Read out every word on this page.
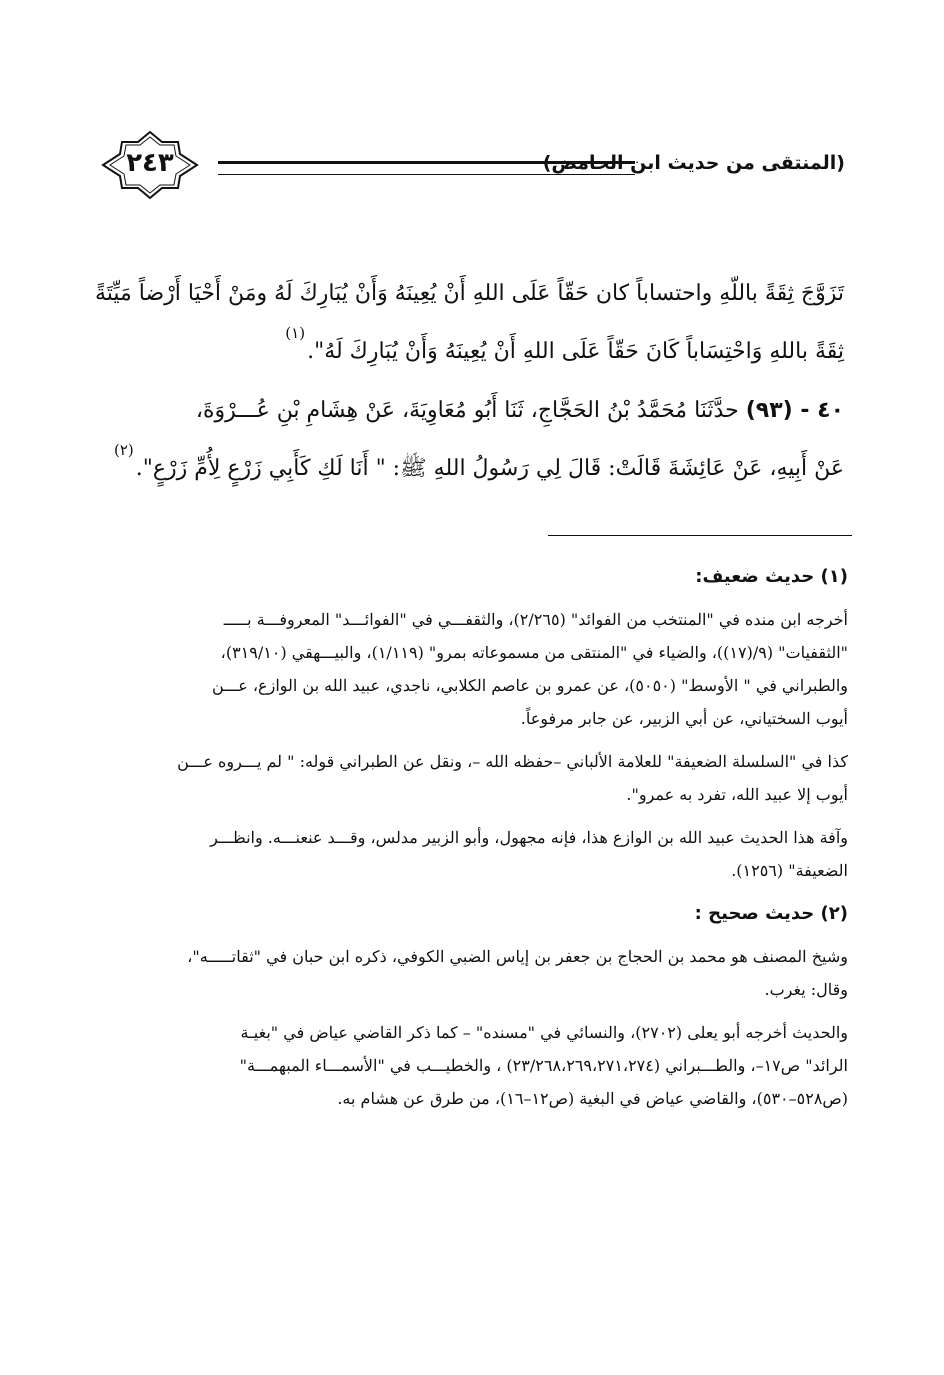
٢٤٣	(المنتقى من حديث ابن الحامض)
تَزَوَّجَ ثِقَةً باللّهِ واحتساباً كان حَقّاً عَلَى اللهِ أَنْ يُعِينَهُ وَأَنْ يُبَارِكَ لَهُ ومَنْ أَحْيَا أَرْضاً مَيِّتَةً
ثِقَةً باللهِ وَاحْتِسَاباً كَانَ حَقّاً عَلَى اللهِ أَنْ يُعِينَهُ وَأَنْ يُبَارِكَ لَهُ".$^{(١)}$
٤٠ - (٩٣) حدَّثَنَا مُحَمَّدُ بْنُ الحَجَّاجِ، ثَنَا أَبُو مُعَاوِيَةَ، عَنْ هِشَامِ بْنِ عُـــرْوَةَ،
عَنْ أَبِيهِ، عَنْ عَائِشَةَ قَالَتْ: قَالَ لِي رَسُولُ اللهِ ﷺ: " أَنَا لَكِ كَأَبِي زَرْعٍ لِأُمِّ زَرْعٍ".$^{(٢)}$
(١) حديث ضعيف:
أخرجه ابن منده في "المنتخب من الفوائد" (٢/٢٦٥)، والثقفـــي في "الفوائـــد" المعروفـــة بـــــ
"الثقفيات" (٩/(١٧))، والضياء في "المنتقى من مسموعاته بمرو" (١/١١٩)، والبيـــهقي (٣١٩/١٠)،
والطبراني في " الأوسط" (٥٠٥٠)، عن عمرو بن عاصم الكلابي، ناجدي، عبيد الله بن الوازع، عـــن
أيوب السختياني، عن أبي الزبير، عن جابر مرفوعاً.
كذا في "السلسلة الضعيفة" للعلامة الألباني –حفظه الله –، ونقل عن الطبراني قوله: " لم يـــروه عـــن
أيوب إلا عبيد الله، تفرد به عمرو".
وآفة هذا الحديث عبيد الله بن الوازع هذا، فإنه مجهول، وأبو الزبير مدلس، وقـــد عنعنـــه. وانظـــر
الضعيفة" (١٢٥٦).
(٢) حديث صحيح :
وشيخ المصنف هو محمد بن الحجاج بن جعفر بن إياس الضبي الكوفي، ذكره ابن حبان في "ثقاتـــــه"،
وقال: يغرب.
والحديث أخرجه أبو يعلى (٢٧٠٢)، والنسائي في "مسنده" – كما ذكر القاضي عياض في "بغيـة
الرائد" ص١٧–، والطـــبراني (٢٣/٢٦٨،٢٦٩،٢٧١،٢٧٤) ، والخطيـــب في "الأسمـــاء المبهمـــة"
(ص٥٢٨–٥٣٠)، والقاضي عياض في البغية (ص١٢–١٦)، من طرق عن هشام به.
